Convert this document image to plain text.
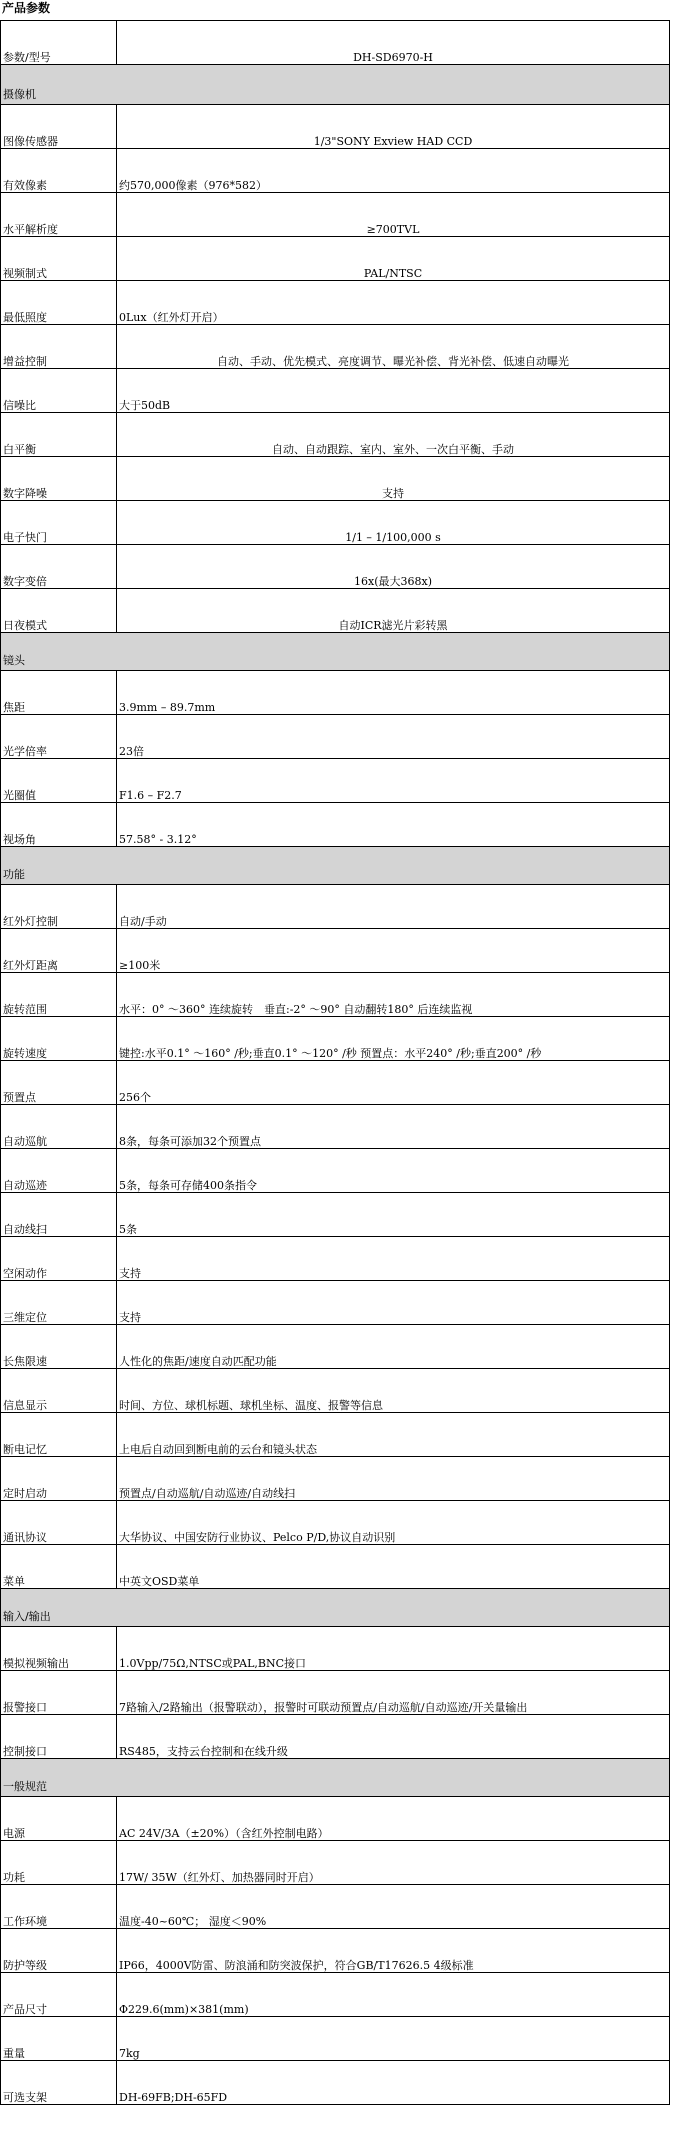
产品参数
参数/型号	DH-SD6970-H
摄像机	
图像传感器	1/3"SONY Exview HAD CCD
有效像素	约570,000像素（976*582）
水平解析度	≥700TVL
视频制式	PAL/NTSC
最低照度	0Lux（红外灯开启）
增益控制	自动、手动、优先模式、亮度调节、曝光补偿、背光补偿、低速自动曝光
信噪比	大于50dB
白平衡	自动、自动跟踪、室内、室外、一次白平衡、手动
数字降噪	支持
电子快门	1/1 – 1/100,000 s
数字变倍	16x(最大368x)
日夜模式	自动ICR滤光片彩转黑
镜头	
焦距	3.9mm – 89.7mm
光学倍率	23倍
光圈值	F1.6 – F2.7
视场角	57.58° - 3.12°
功能	
红外灯控制	自动/手动
红外灯距离	≥100米
旋转范围	水平：0° ～360° 连续旋转　垂直:-2° ～90° 自动翻转180° 后连续监视
旋转速度	键控:水平0.1° ～160° /秒;垂直0.1° ～120° /秒 预置点：水平240° /秒;垂直200° /秒
预置点	256个
自动巡航	8条，每条可添加32个预置点
自动巡迹	5条，每条可存储400条指令
自动线扫	5条
空闲动作	支持
三维定位	支持
长焦限速	人性化的焦距/速度自动匹配功能
信息显示	时间、方位、球机标题、球机坐标、温度、报警等信息
断电记忆	上电后自动回到断电前的云台和镜头状态
定时启动	预置点/自动巡航/自动巡迹/自动线扫
通讯协议	大华协议、中国安防行业协议、Pelco P/D,协议自动识别
菜单	中英文OSD菜单
输入/输出	
模拟视频输出	1.0Vpp/75Ω,NTSC或PAL,BNC接口
报警接口	7路输入/2路输出（报警联动），报警时可联动预置点/自动巡航/自动巡迹/开关量输出
控制接口	RS485，支持云台控制和在线升级
一般规范	
电源	AC 24V/3A（±20%）（含红外控制电路）
功耗	17W/ 35W（红外灯、加热器同时开启）
工作环境	温度-40~60℃； 湿度＜90%
防护等级	IP66，4000V防雷、防浪涌和防突波保护，符合GB/T17626.5 4级标准
产品尺寸	Φ229.6(mm)×381(mm)
重量	7kg
可选支架	DH-69FB;DH-65FD
